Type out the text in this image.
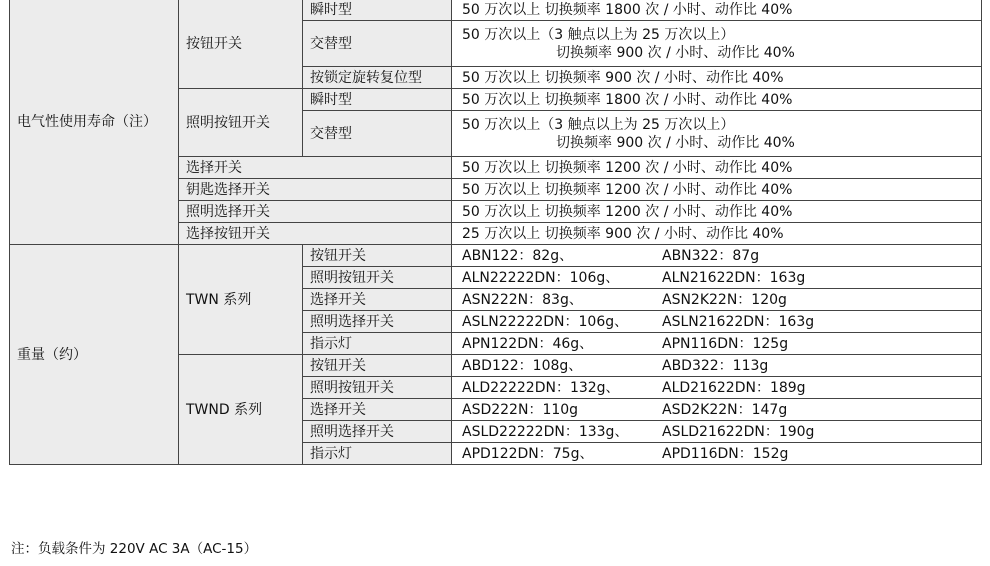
电气性使用寿命（注）	按钮开关	瞬时型	50 万次以上 切换频率 1800 次 / 小时、动作比 40%
		交替型	50 万次以上（3 触点以上为 25 万次以上）
切换频率 900 次 / 小时、动作比 40%

		按锁定旋转复位型	50 万次以上 切换频率 900 次 / 小时、动作比 40%
	照明按钮开关	瞬时型	50 万次以上 切换频率 1800 次 / 小时、动作比 40%
		交替型	50 万次以上（3 触点以上为 25 万次以上）
切换频率 900 次 / 小时、动作比 40%

	选择开关		50 万次以上 切换频率 1200 次 / 小时、动作比 40%
	钥匙选择开关		50 万次以上 切换频率 1200 次 / 小时、动作比 40%
	照明选择开关		50 万次以上 切换频率 1200 次 / 小时、动作比 40%
	选择按钮开关		25 万次以上 切换频率 900 次 / 小时、动作比 40%
重量（约）	TWN 系列	按钮开关	ABN122：82g、 ABN322：87g
		照明按钮开关	ALN22222DN：106g、 ALN21622DN：163g
		选择开关	ASN222N：83g、 ASN2K22N：120g
		照明选择开关	ASLN22222DN：106g、 ASLN21622DN：163g
		指示灯	APN122DN：46g、 APN116DN：125g
	TWND 系列	按钮开关	ABD122：108g、 ABD322：113g
		照明按钮开关	ALD22222DN：132g、 ALD21622DN：189g
		选择开关	ASD222N：110g ASD2K22N：147g
		照明选择开关	ASLD22222DN：133g、 ASLD21622DN：190g
		指示灯	APD122DN：75g、 APD116DN：152g
注：负载条件为 220V AC 3A（AC-15）
